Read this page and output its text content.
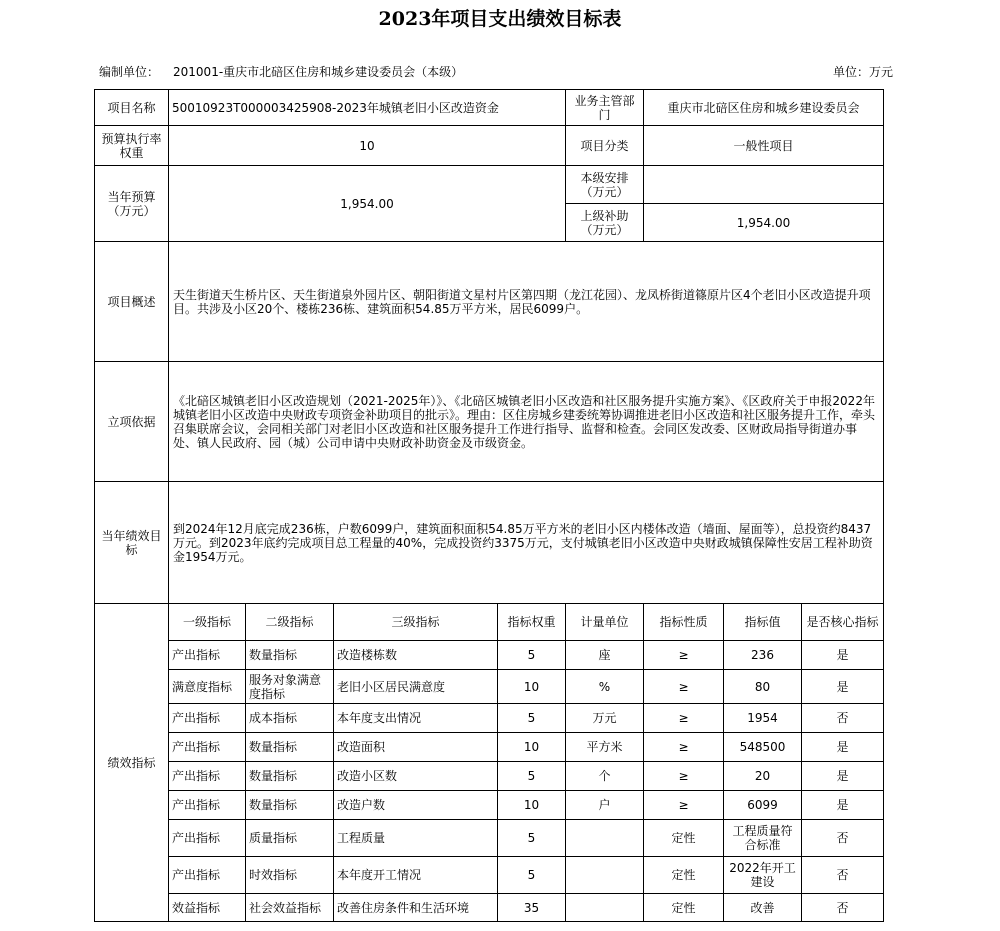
2023年项目支出绩效目标表
编制单位： 201001-重庆市北碚区住房和城乡建设委员会（本级）	单位：万元
项目名称	50010923T000003425908-2023年城镇老旧小区改造资金				业务主管部门	重庆市北碚区住房和城乡建设委员会		
预算执行率权重	10				项目分类	一般性项目		
当年预算（万元）	1,954.00				本级安排（万元）			
					上级补助（万元）	1,954.00		
项目概述	天生街道天生桥片区、天生街道泉外园片区、朝阳街道文星村片区第四期（龙江花园）、龙凤桥街道篠原片区4个老旧小区改造提升项目。共涉及小区20个、楼栋236栋、建筑面积54.85万平方米，居民6099户。							
立项依据	《北碚区城镇老旧小区改造规划（2021-2025年）》、《北碚区城镇老旧小区改造和社区服务提升实施方案》、《区政府关于申报2022年城镇老旧小区改造中央财政专项资金补助项目的批示》。理由：区住房城乡建委统筹协调推进老旧小区改造和社区服务提升工作，牵头召集联席会议，会同相关部门对老旧小区改造和社区服务提升工作进行指导、监督和检查。会同区发改委、区财政局指导街道办事处、镇人民政府、园（城）公司申请中央财政补助资金及市级资金。							
当年绩效目标	到2024年12月底完成236栋，户数6099户，建筑面积面积54.85万平方米的老旧小区内楼体改造（墙面、屋面等），总投资约8437万元。到2023年底约完成项目总工程量的40%，完成投资约3375万元，支付城镇老旧小区改造中央财政城镇保障性安居工程补助资金1954万元。							
绩效指标	一级指标	二级指标	三级指标	指标权重	计量单位	指标性质	指标值	是否核心指标
	产出指标	数量指标	改造楼栋数	5	座	≥	236	是
	满意度指标	服务对象满意度指标	老旧小区居民满意度	10	%	≥	80	是
	产出指标	成本指标	本年度支出情况	5	万元	≥	1954	否
	产出指标	数量指标	改造面积	10	平方米	≥	548500	是
	产出指标	数量指标	改造小区数	5	个	≥	20	是
	产出指标	数量指标	改造户数	10	户	≥	6099	是
	产出指标	质量指标	工程质量	5		定性	工程质量符合标准	否
	产出指标	时效指标	本年度开工情况	5		定性	2022年开工建设	否
	效益指标	社会效益指标	改善住房条件和生活环境	35		定性	改善	否
